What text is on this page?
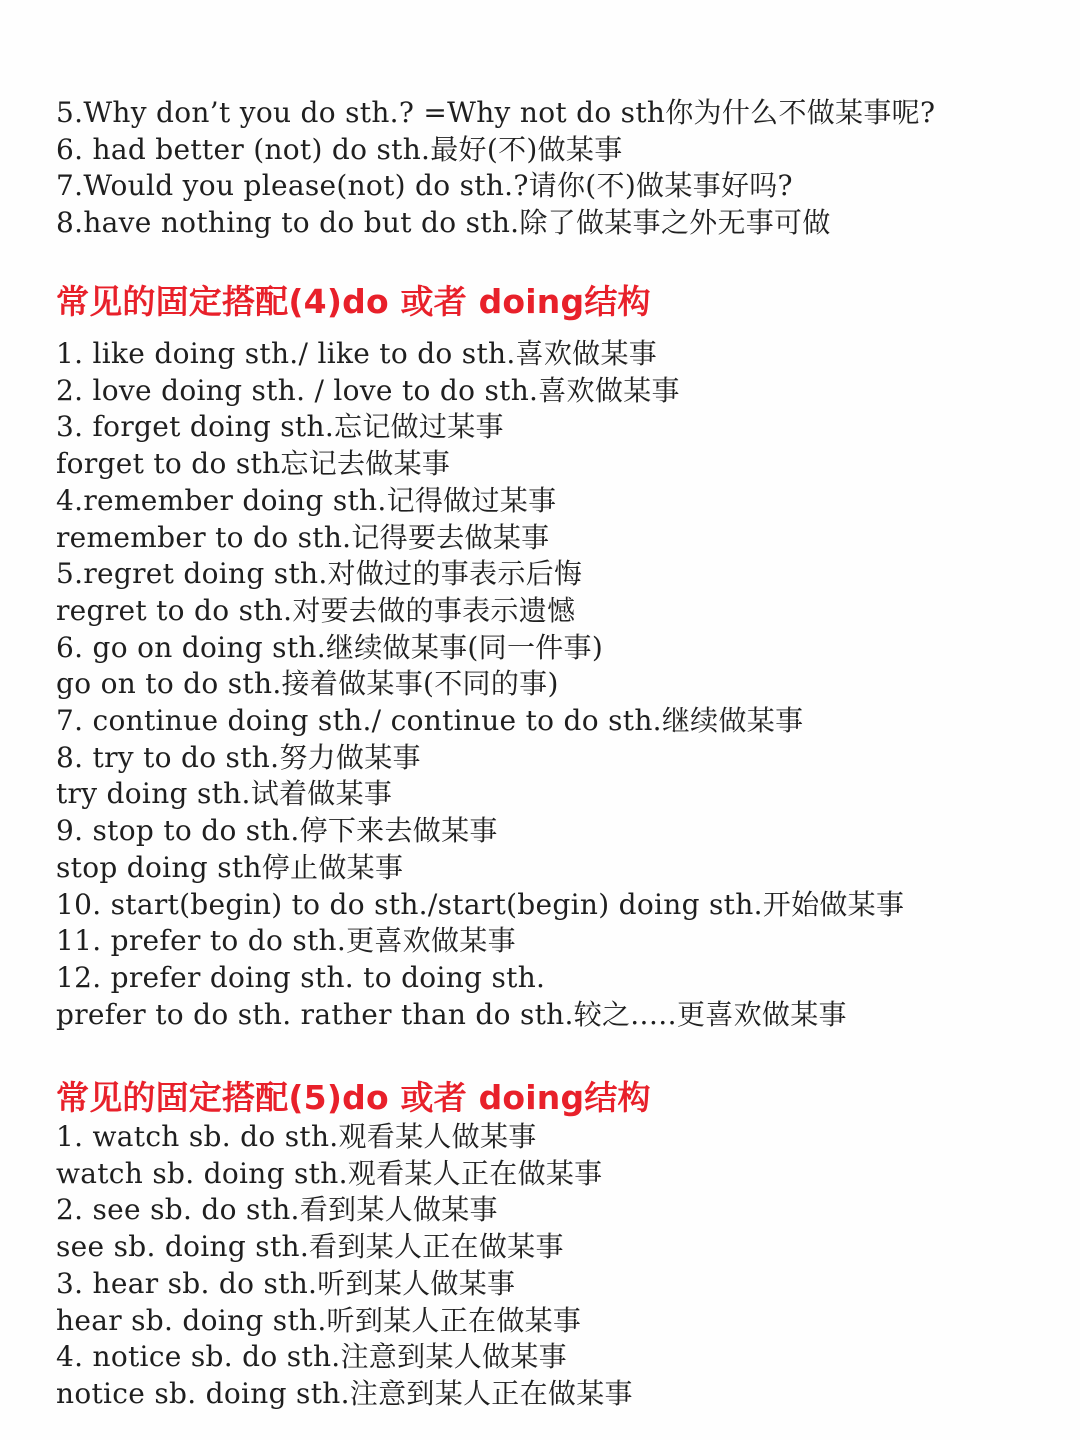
5.Why don’t you do sth.? =Why not do sth你为什么不做某事呢?
6. had better (not) do sth.最好(不)做某事
7.Would you please(not) do sth.?请你(不)做某事好吗?
8.have nothing to do but do sth.除了做某事之外无事可做
常见的固定搭配(4)do 或者 doing结构
1. like doing sth./ like to do sth.喜欢做某事
2. love doing sth. / love to do sth.喜欢做某事
3. forget doing sth.忘记做过某事
forget to do sth忘记去做某事
4.remember doing sth.记得做过某事
remember to do sth.记得要去做某事
5.regret doing sth.对做过的事表示后悔
regret to do sth.对要去做的事表示遗憾
6. go on doing sth.继续做某事(同一件事)
go on to do sth.接着做某事(不同的事)
7. continue doing sth./ continue to do sth.继续做某事
8. try to do sth.努力做某事
try doing sth.试着做某事
9. stop to do sth.停下来去做某事
stop doing sth停止做某事
10. start(begin) to do sth./start(begin) doing sth.开始做某事
11. prefer to do sth.更喜欢做某事
12. prefer doing sth. to doing sth.
prefer to do sth. rather than do sth.较之..…更喜欢做某事
常见的固定搭配(5)do 或者 doing结构
1. watch sb. do sth.观看某人做某事
watch sb. doing sth.观看某人正在做某事
2. see sb. do sth.看到某人做某事
see sb. doing sth.看到某人正在做某事
3. hear sb. do sth.听到某人做某事
hear sb. doing sth.听到某人正在做某事
4. notice sb. do sth.注意到某人做某事
notice sb. doing sth.注意到某人正在做某事
